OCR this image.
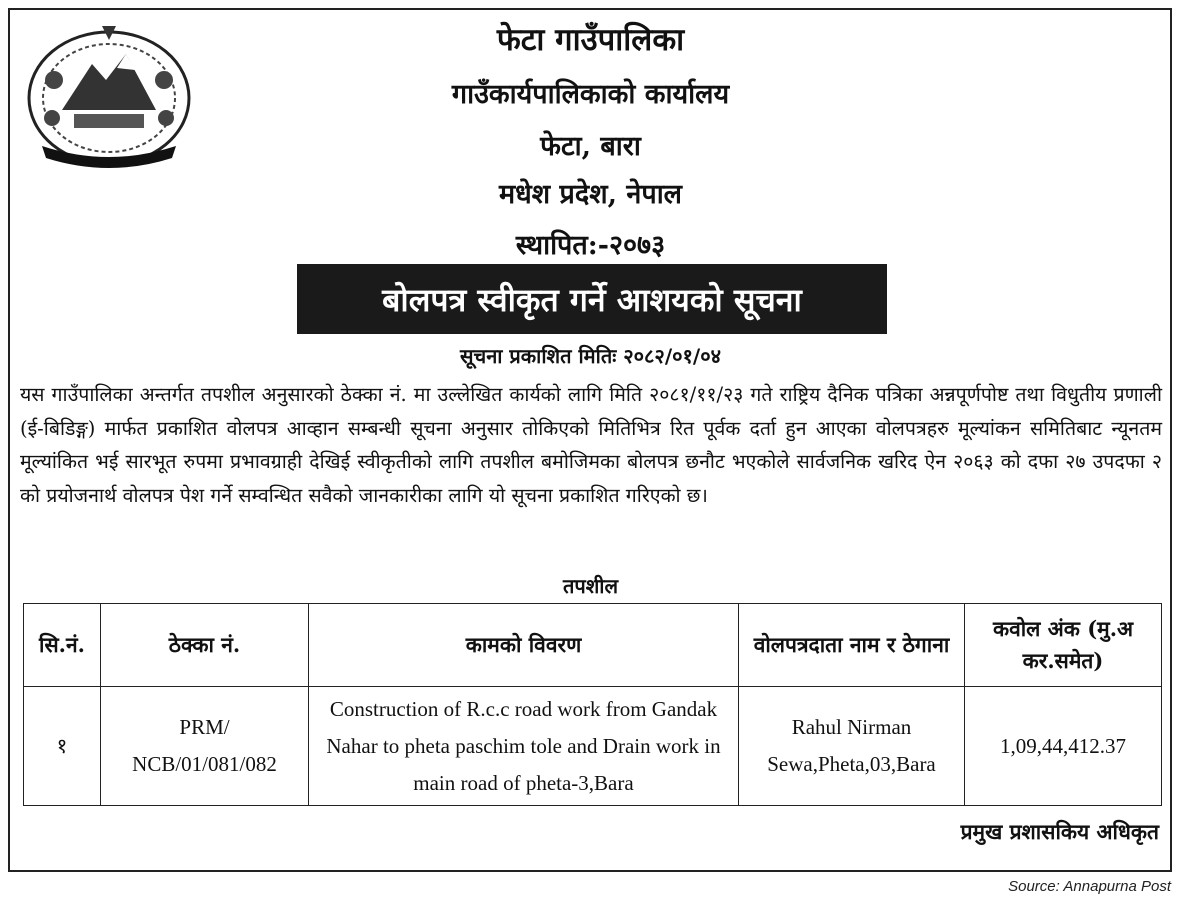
फेटा गाउँपालिका
गाउँकार्यपालिकाको कार्यालय
फेटा, बारा
मधेश प्रदेश, नेपाल
स्थापित:-२०७३
बोलपत्र स्वीकृत गर्ने आशयको सूचना
सूचना प्रकाशित मितिः २०८२/०१/०४
यस गाउँपालिका अन्तर्गत तपशील अनुसारको ठेक्का नं. मा उल्लेखित कार्यको लागि मिति २०८१/११/२३ गते राष्ट्रिय दैनिक पत्रिका अन्नपूर्णपोष्ट तथा विधुतीय प्रणाली (ई-बिडिङ्ग) मार्फत प्रकाशित वोलपत्र आव्हान सम्बन्धी सूचना अनुसार तोकिएको मितिभित्र रित पूर्वक दर्ता हुन आएका वोलपत्रहरु मूल्यांकन समितिबाट न्यूनतम मूल्यांकित भई सारभूत रुपमा प्रभावग्राही देखिई स्वीकृतीको लागि तपशील बमोजिमका बोलपत्र छनौट भएकोले सार्वजनिक खरिद ऐन २०६३ को दफा २७ उपदफा २ को प्रयोजनार्थ वोलपत्र पेश गर्ने सम्वन्धित सवैको जानकारीका लागि यो सूचना प्रकाशित गरिएको छ।
तपशील
सि.नं.	ठेक्का नं.	कामको विवरण	वोलपत्रदाता नाम र ठेगाना	कवोल अंक (मु.अ कर.समेत)
१	PRM/ NCB/01/081/082	Construction of R.c.c road work from Gandak Nahar to pheta paschim tole and Drain work in main road of pheta-3,Bara	Rahul Nirman Sewa,Pheta,03,Bara	1,09,44,412.37
प्रमुख प्रशासकिय अधिकृत
Source: Annapurna Post
